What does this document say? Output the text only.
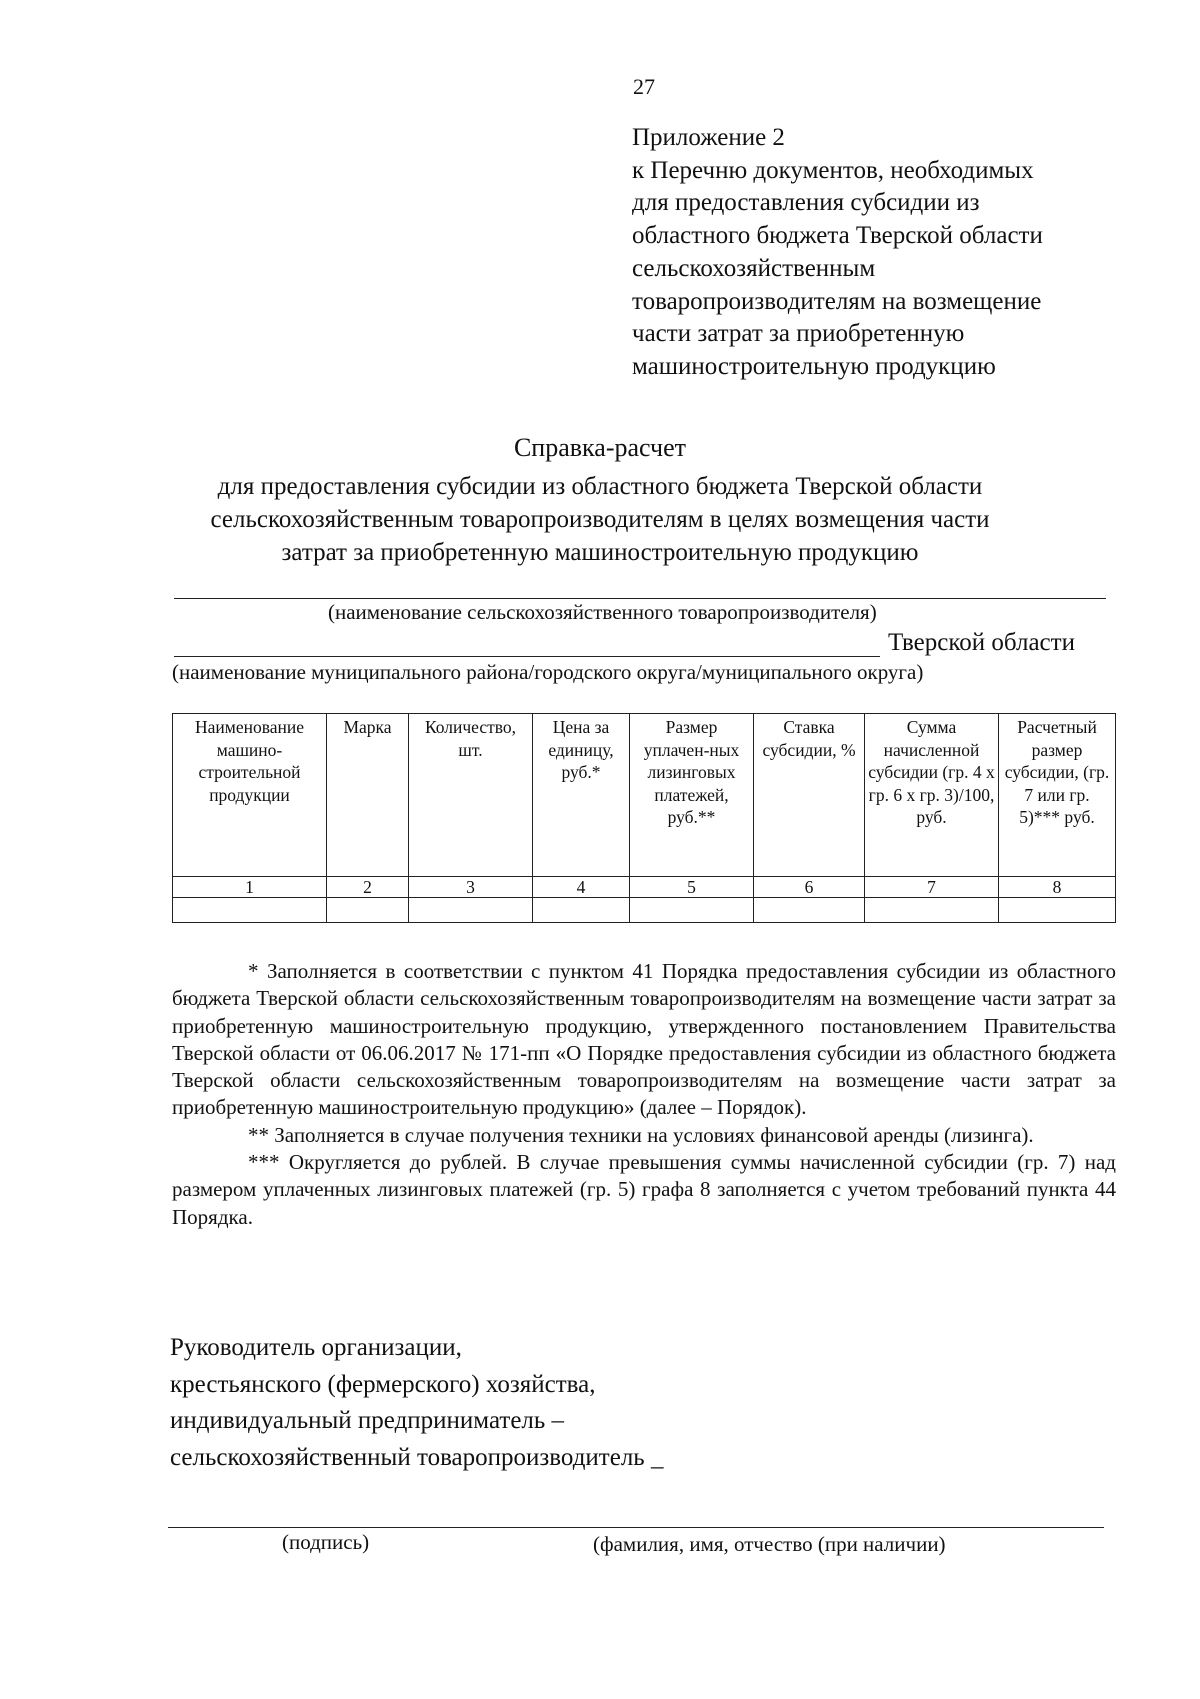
27
Приложение 2
к Перечню документов, необходимых
для предоставления субсидии из
областного бюджета Тверской области
сельскохозяйственным
товаропроизводителям на возмещение
части затрат за приобретенную
машиностроительную продукцию
Справка-расчет
для предоставления субсидии из областного бюджета Тверской области
сельскохозяйственным товаропроизводителям в целях возмещения части
затрат за приобретенную машиностроительную продукцию
(наименование сельскохозяйственного товаропроизводителя)
Тверской области
(наименование муниципального района/городского округа/муниципального округа)
Наименование машино-строительной продукции	Марка	Количество, шт.	Цена за единицу, руб.*	Размер уплачен-ных лизинговых платежей, руб.**	Ставка субсидии, %	Сумма начисленной субсидии (гр. 4 х гр. 6 х гр. 3)/100, руб.	Расчетный размер субсидии, (гр. 7 или гр. 5)*** руб.
1	2	3	4	5	6	7	8

* Заполняется в соответствии с пунктом 41 Порядка предоставления субсидии из областного бюджета Тверской области сельскохозяйственным товаропроизводителям на возмещение части затрат за приобретенную машиностроительную продукцию, утвержденного постановлением Правительства Тверской области от 06.06.2017 № 171-пп «О Порядке предоставления субсидии из областного бюджета Тверской области сельскохозяйственным товаропроизводителям на возмещение части затрат за приобретенную машиностроительную продукцию» (далее – Порядок).

** Заполняется в случае получения техники на условиях финансовой аренды (лизинга).

*** Округляется до рублей. В случае превышения суммы начисленной субсидии (гр. 7) над размером уплаченных лизинговых платежей (гр. 5) графа 8 заполняется с учетом требований пункта 44 Порядка.

Руководитель организации,
крестьянского (фермерского) хозяйства,
индивидуальный предприниматель –
сельскохозяйственный товаропроизводитель _
(подпись)	(фамилия, имя, отчество (при наличии)
